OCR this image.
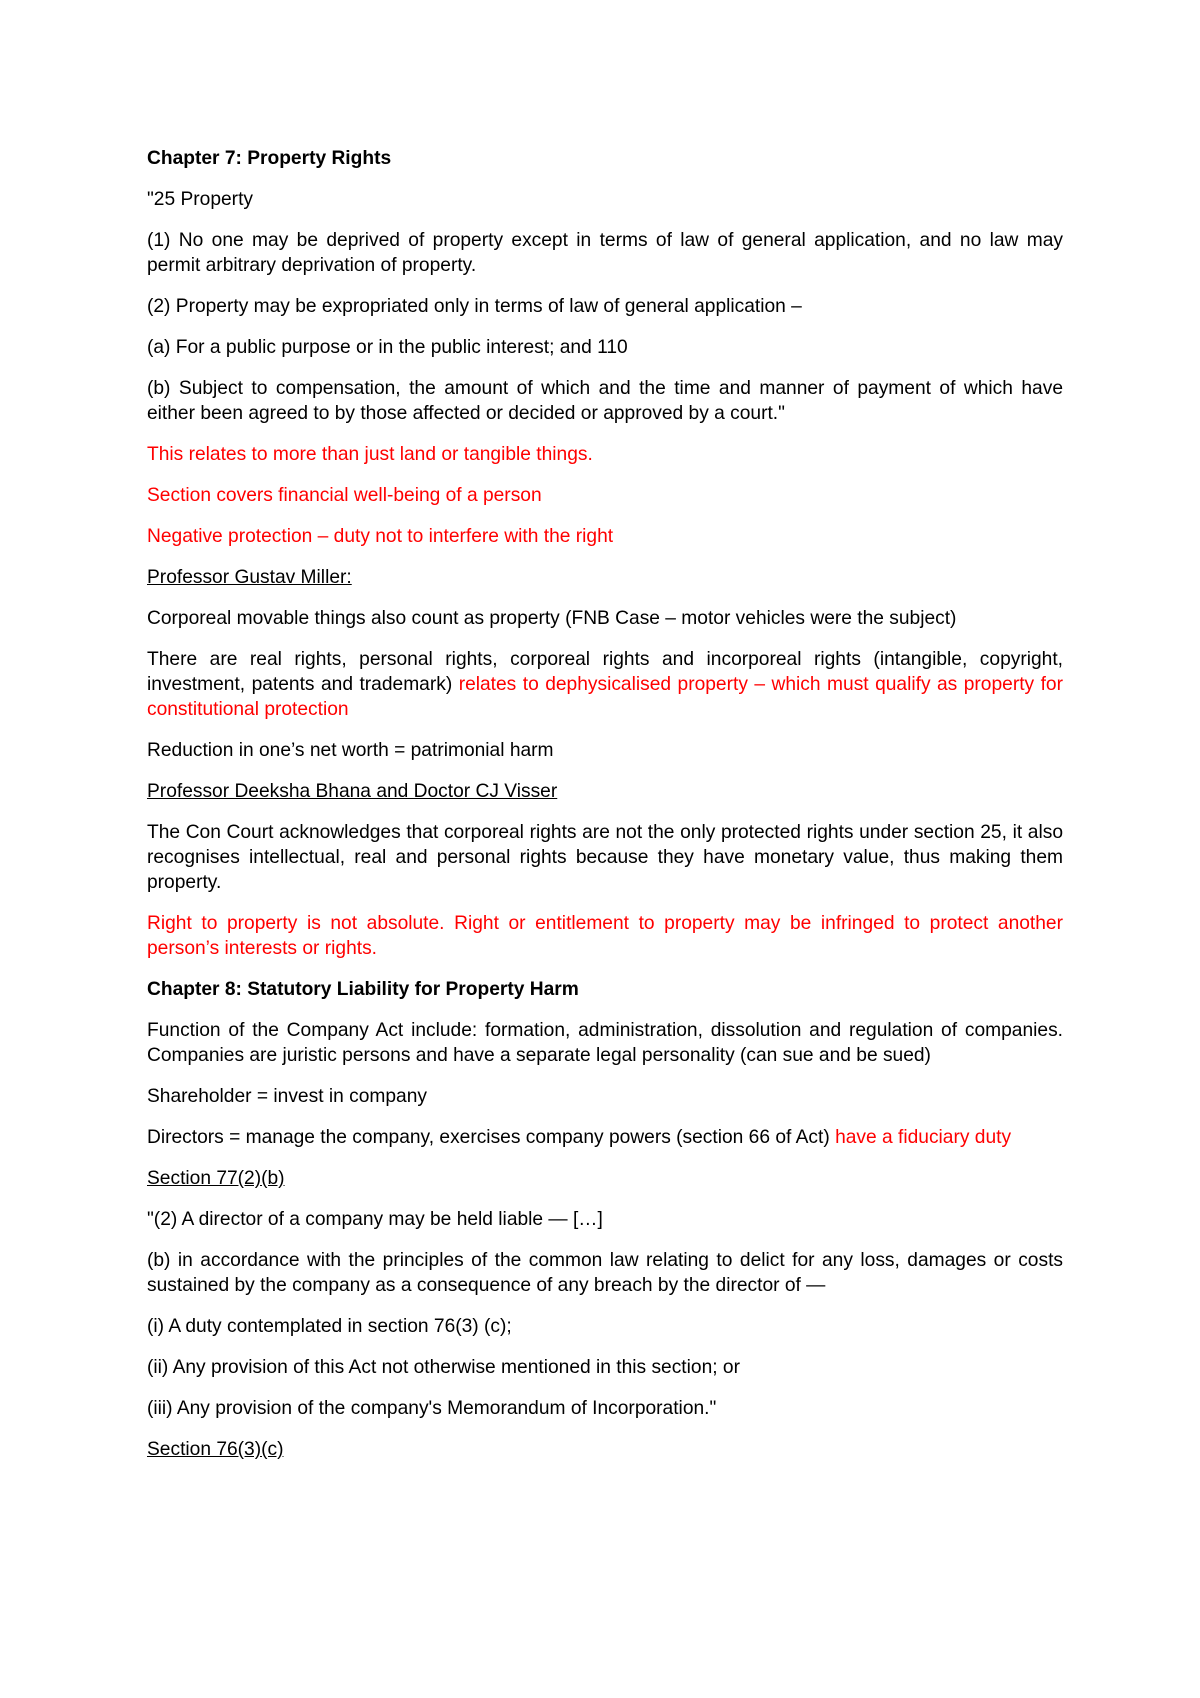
Chapter 7: Property Rights

"25 Property

(1) No one may be deprived of property except in terms of law of general application, and no law may permit arbitrary deprivation of property.

(2) Property may be expropriated only in terms of law of general application –

(a) For a public purpose or in the public interest; and 110

(b) Subject to compensation, the amount of which and the time and manner of payment of which have either been agreed to by those affected or decided or approved by a court."

This relates to more than just land or tangible things.

Section covers financial well-being of a person

Negative protection – duty not to interfere with the right

Professor Gustav Miller:

Corporeal movable things also count as property (FNB Case – motor vehicles were the subject)

There are real rights, personal rights, corporeal rights and incorporeal rights (intangible, copyright, investment, patents and trademark) relates to dephysicalised property – which must qualify as property for constitutional protection

Reduction in one’s net worth = patrimonial harm

Professor Deeksha Bhana and Doctor CJ Visser

The Con Court acknowledges that corporeal rights are not the only protected rights under section 25, it also recognises intellectual, real and personal rights because they have monetary value, thus making them property.

Right to property is not absolute. Right or entitlement to property may be infringed to protect another person’s interests or rights.

Chapter 8: Statutory Liability for Property Harm

Function of the Company Act include: formation, administration, dissolution and regulation of companies. Companies are juristic persons and have a separate legal personality (can sue and be sued)

Shareholder = invest in company

Directors = manage the company, exercises company powers (section 66 of Act) have a fiduciary duty

Section 77(2)(b)

"(2) A director of a company may be held liable — […]

(b) in accordance with the principles of the common law relating to delict for any loss, damages or costs sustained by the company as a consequence of any breach by the director of —

(i) A duty contemplated in section 76(3) (c);

(ii) Any provision of this Act not otherwise mentioned in this section; or

(iii) Any provision of the company's Memorandum of Incorporation."

Section 76(3)(c)
